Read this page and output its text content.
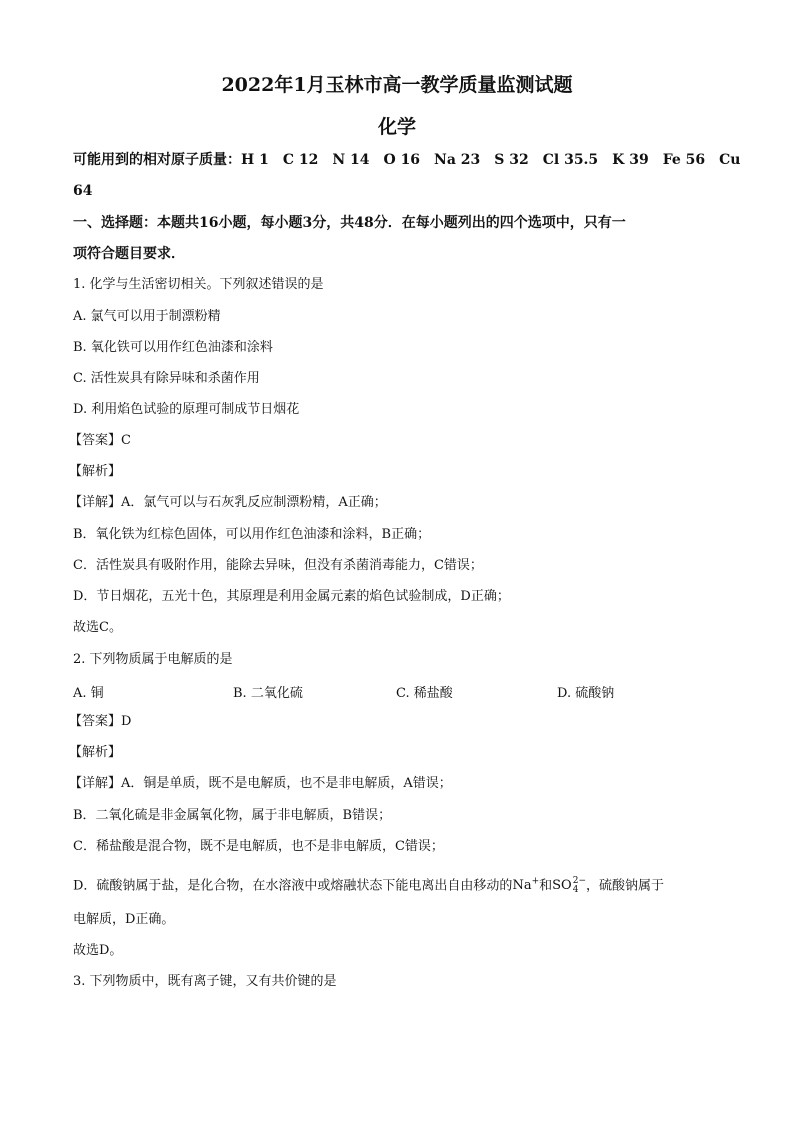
2022年1月玉林市高一教学质量监测试题
化学
可能用到的相对原子质量：H 1　C 12　N 14　O 16　Na 23　S 32　Cl 35.5　K 39　Fe 56　Cu
64
一、选择题：本题共16小题，每小题3分，共48分．在每小题列出的四个选项中，只有一
项符合题目要求．
1. 化学与生活密切相关。下列叙述错误的是
A. 氯气可以用于制漂粉精
B. 氧化铁可以用作红色油漆和涂料
C. 活性炭具有除异味和杀菌作用
D. 利用焰色试验的原理可制成节日烟花
【答案】C
【解析】
【详解】A．氯气可以与石灰乳反应制漂粉精，A正确；
B．氧化铁为红棕色固体，可以用作红色油漆和涂料，B正确；
C．活性炭具有吸附作用，能除去异味，但没有杀菌消毒能力，C错误；
D．节日烟花，五光十色，其原理是利用金属元素的焰色试验制成，D正确；
故选C。
2. 下列物质属于电解质的是
A. 铜	B. 二氧化硫	C. 稀盐酸	D. 硫酸钠
【答案】D
【解析】
【详解】A．铜是单质，既不是电解质，也不是非电解质，A错误；
B．二氧化硫是非金属氧化物，属于非电解质，B错误；
C．稀盐酸是混合物，既不是电解质，也不是非电解质，C错误；
D．硫酸钠属于盐，是化合物，在水溶液中或熔融状态下能电离出自由移动的Na+和SO 2−
4 ，硫酸钠属于
电解质，D正确。
故选D。
3. 下列物质中，既有离子键，又有共价键的是
